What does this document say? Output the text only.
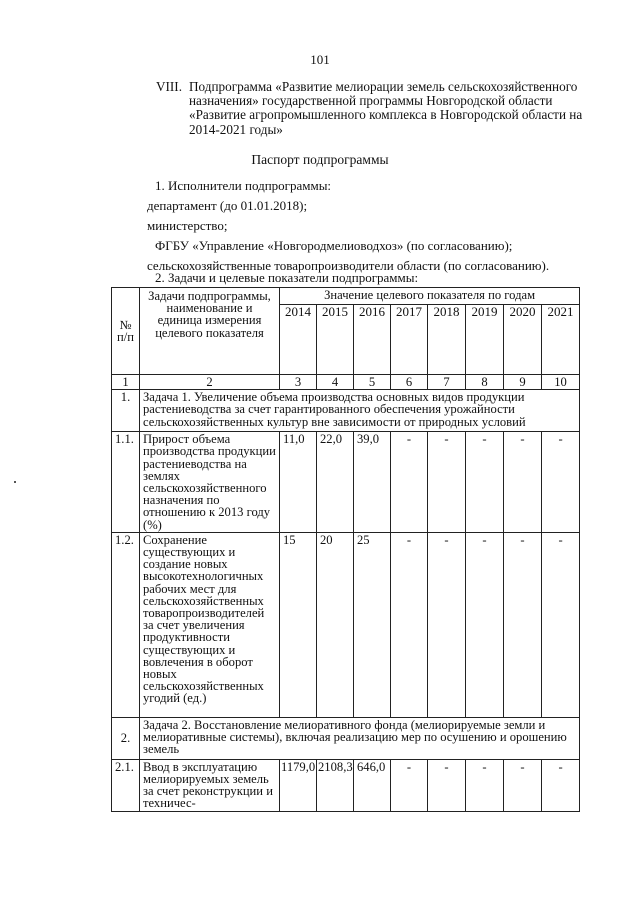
101
VIII. Подпрограмма «Развитие мелиорации земель сельскохозяйственного назначения» государственной программы Новгородской области «Развитие агропромышленного комплекса в Новгородской области на 2014-2021 годы»
Паспорт подпрограммы
1. Исполнители подпрограммы:
департамент (до 01.01.2018);
министерство;
ФГБУ «Управление «Новгородмелиоводхоз» (по согласованию);
сельскохозяйственные товаропроизводители области (по согласованию).
2. Задачи и целевые показатели подпрограммы:
№ п/п	Задачи подпрограммы, наименование и единица измерения целевого показателя	Значение целевого показателя по годам							
		2014	2015	2016	2017	2018	2019	2020	2021
1	2	3	4	5	6	7	8	9	10
1.	Задача 1. Увеличение объема производства основных видов продукции растениеводства за счет гарантированного обеспечения урожайности сельскохозяйственных культур вне зависимости от природных условий								
1.1.	Прирост объема производства продукции растениеводства на землях сельскохозяйственного назначения по отношению к 2013 году (%)	11,0	22,0	39,0	-	-	-	-	-
1.2.	Сохранение существующих и создание новых высокотехнологичных рабочих мест для сельскохозяйственных товаропроизводителей за счет увеличения продуктивности существующих и вовлечения в оборот новых сельскохозяйственных угодий (ед.)	15	20	25	-	-	-	-	-
2.	Задача 2. Восстановление мелиоративного фонда (мелиорируемые земли и мелиоративные системы), включая реализацию мер по осушению и орошению земель								
2.1.	Ввод в эксплуатацию мелиорируемых земель за счет реконструкции и техничес-	1179,0	2108,3	646,0	-	-	-	-	-
